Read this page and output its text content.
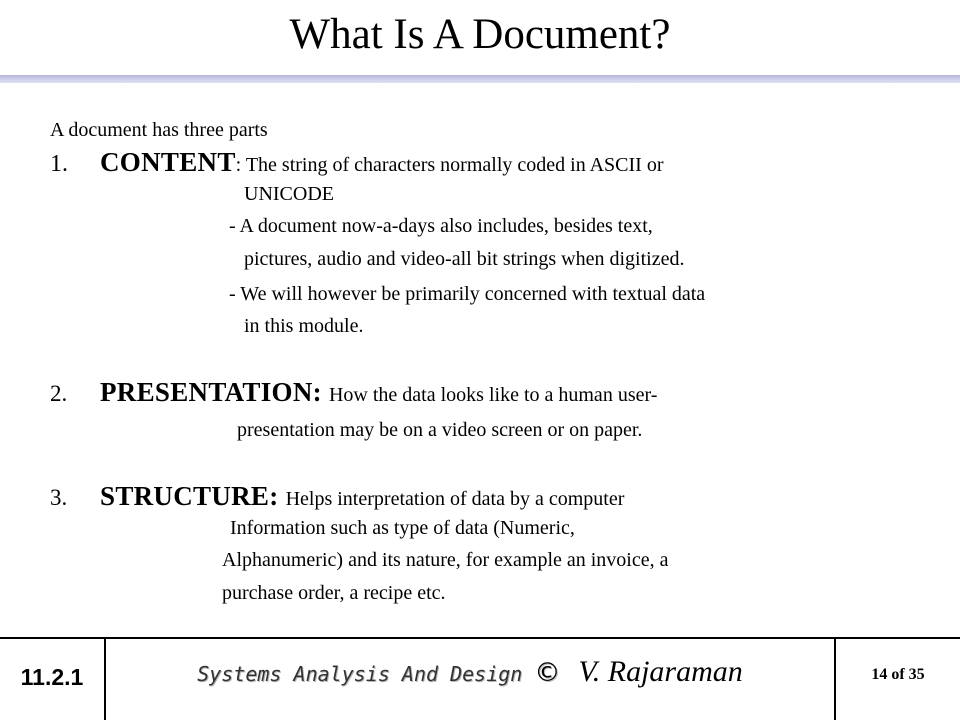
What Is A Document?
A document has three parts
1. CONTENT: The string of characters normally coded in ASCII or
UNICODE
- A document now-a-days also includes, besides text,
pictures, audio and video-all bit strings when digitized.
- We will however be primarily concerned with textual data
in this module.
2. PRESENTATION: How the data looks like to a human user-
presentation may be on a video screen or on paper.
3. STRUCTURE: Helps interpretation of data by a computer
Information such as type of data (Numeric,
Alphanumeric) and its nature, for example an invoice, a
purchase order, a recipe etc.
11.2.1	Systems Analysis And Design © V. Rajaraman	14 of 35
